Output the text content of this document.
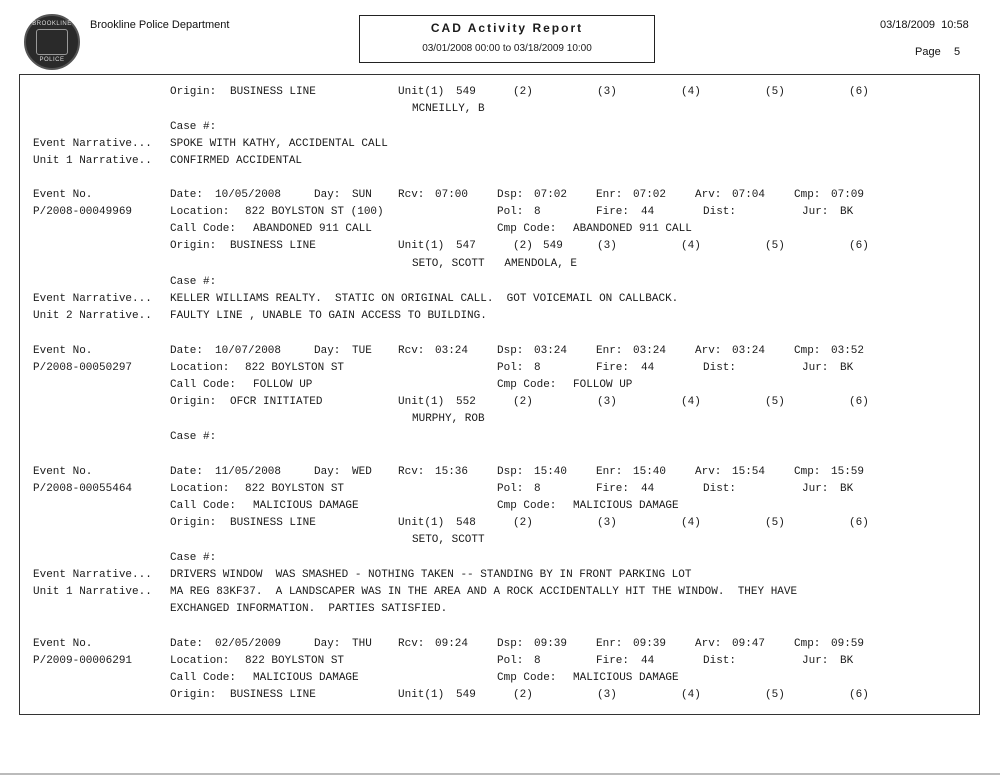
BROOKLINE
POLICE
Brookline Police Department	CAD Activity Report
03/01/2008 00:00 to 03/18/2009 10:00
03/18/2009  10:58
Page 5
Origin: BUSINESS LINE	Unit(1) 549	(2)	(3)	(4)	(5)	(6)
MCNEILLY, B
Case #:
Event Narrative... SPOKE WITH KATHY, ACCIDENTAL CALL
Unit 1 Narrative.. CONFIRMED ACCIDENTAL
Event No.	Date: 10/05/2008	Day: SUN Rcv: 07:00	Dsp: 07:02	Enr: 07:02	Arv: 07:04	Cmp: 07:09
P/2008-00049969	Location: 822 BOYLSTON ST (100)	Pol: 8	Fire: 44	Dist:	Jur: BK
Call Code: ABANDONED 911 CALL	Cmp Code: ABANDONED 911 CALL
Origin: BUSINESS LINE	Unit(1) 547	(2) 549	(3)	(4)	(5)	(6)
SETO, SCOTT   AMENDOLA, E
Case #:
Event Narrative... KELLER WILLIAMS REALTY.  STATIC ON ORIGINAL CALL.  GOT VOICEMAIL ON CALLBACK.
Unit 2 Narrative.. FAULTY LINE , UNABLE TO GAIN ACCESS TO BUILDING.
Event No.	Date: 10/07/2008	Day: TUE Rcv: 03:24	Dsp: 03:24	Enr: 03:24	Arv: 03:24	Cmp: 03:52
P/2008-00050297	Location: 822 BOYLSTON ST	Pol: 8	Fire: 44	Dist:	Jur: BK
Call Code: FOLLOW UP	Cmp Code: FOLLOW UP
Origin: OFCR INITIATED	Unit(1) 552	(2)	(3)	(4)	(5)	(6)
MURPHY, ROB
Case #:
Event No.	Date: 11/05/2008	Day: WED Rcv: 15:36	Dsp: 15:40	Enr: 15:40	Arv: 15:54	Cmp: 15:59
P/2008-00055464	Location: 822 BOYLSTON ST	Pol: 8	Fire: 44	Dist:	Jur: BK
Call Code: MALICIOUS DAMAGE	Cmp Code: MALICIOUS DAMAGE
Origin: BUSINESS LINE	Unit(1) 548	(2)	(3)	(4)	(5)	(6)
SETO, SCOTT
Case #:
Event Narrative... DRIVERS WINDOW  WAS SMASHED - NOTHING TAKEN -- STANDING BY IN FRONT PARKING LOT
Unit 1 Narrative.. MA REG 83KF37.  A LANDSCAPER WAS IN THE AREA AND A ROCK ACCIDENTALLY HIT THE WINDOW.  THEY HAVE
EXCHANGED INFORMATION.  PARTIES SATISFIED.
Event No.	Date: 02/05/2009	Day: THU Rcv: 09:24	Dsp: 09:39	Enr: 09:39	Arv: 09:47	Cmp: 09:59
P/2009-00006291	Location: 822 BOYLSTON ST	Pol: 8	Fire: 44	Dist:	Jur: BK
Call Code: MALICIOUS DAMAGE	Cmp Code: MALICIOUS DAMAGE
Origin: BUSINESS LINE	Unit(1) 549	(2)	(3)	(4)	(5)	(6)
